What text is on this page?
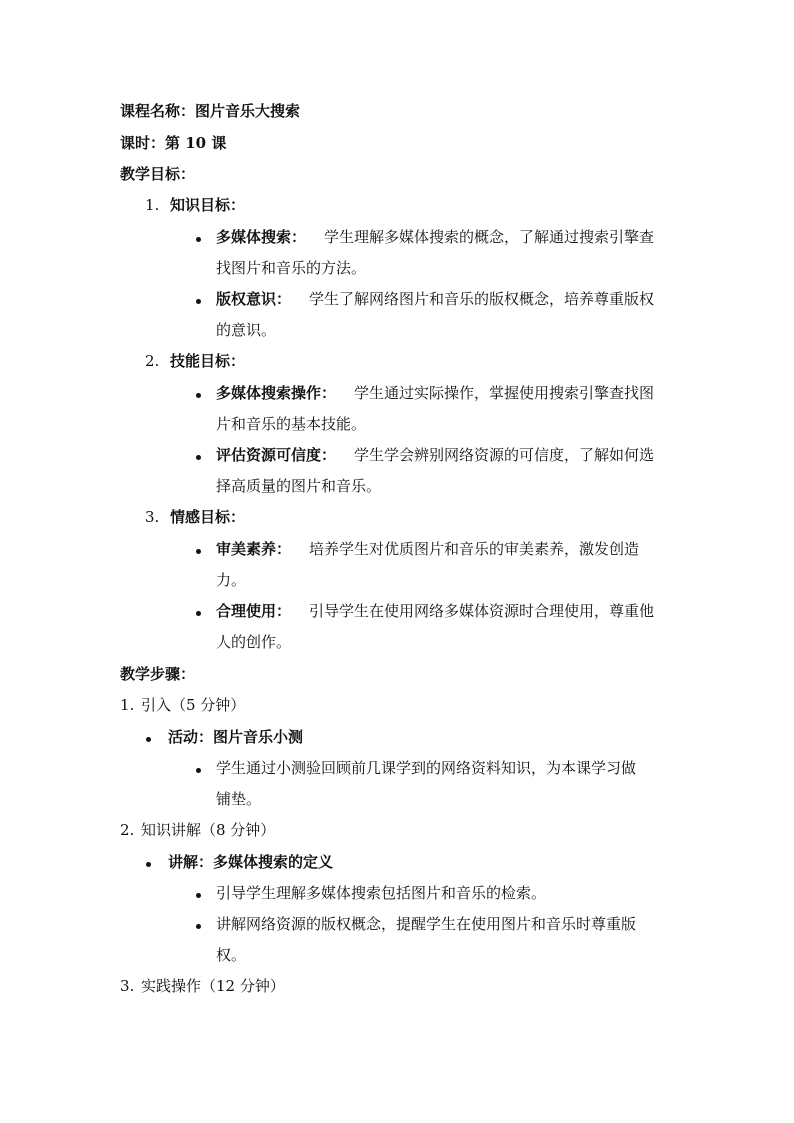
课程名称：图片音乐大搜索
课时：第 10 课
教学目标：
1. 知识目标：
多媒体搜索： 学生理解多媒体搜索的概念，了解通过搜索引擎查
找图片和音乐的方法。
版权意识： 学生了解网络图片和音乐的版权概念，培养尊重版权
的意识。
2. 技能目标：
多媒体搜索操作： 学生通过实际操作，掌握使用搜索引擎查找图
片和音乐的基本技能。
评估资源可信度： 学生学会辨别网络资源的可信度，了解如何选
择高质量的图片和音乐。
3. 情感目标：
审美素养： 培养学生对优质图片和音乐的审美素养，激发创造
力。
合理使用： 引导学生在使用网络多媒体资源时合理使用，尊重他
人的创作。
教学步骤：
1. 引入（5 分钟）
活动：图片音乐小测
学生通过小测验回顾前几课学到的网络资料知识，为本课学习做
铺垫。
2. 知识讲解（8 分钟）
讲解：多媒体搜索的定义
引导学生理解多媒体搜索包括图片和音乐的检索。
讲解网络资源的版权概念，提醒学生在使用图片和音乐时尊重版
权。
3. 实践操作（12 分钟）
